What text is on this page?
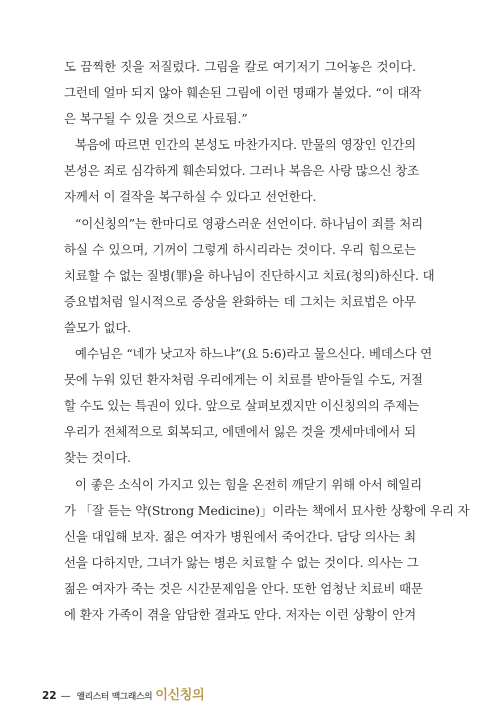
도 끔찍한 짓을 저질렀다. 그림을 칼로 여기저기 그어놓은 것이다.
그런데 얼마 되지 않아 훼손된 그림에 이런 명패가 붙었다. “이 대작
은 복구될 수 있을 것으로 사료됨.”
복음에 따르면 인간의 본성도 마찬가지다. 만물의 영장인 인간의
본성은 죄로 심각하게 훼손되었다. 그러나 복음은 사랑 많으신 창조
자께서 이 걸작을 복구하실 수 있다고 선언한다.
“이신칭의”는 한마디로 영광스러운 선언이다. 하나님이 죄를 처리
하실 수 있으며, 기꺼이 그렇게 하시리라는 것이다. 우리 힘으로는
치료할 수 없는 질병(罪)을 하나님이 진단하시고 치료(청의)하신다. 대
증요법처럼 일시적으로 증상을 완화하는 데 그치는 치료법은 아무
쓸모가 없다.
예수님은 “네가 낫고자 하느냐”(요 5:6)라고 물으신다. 베데스다 연
못에 누워 있던 환자처럼 우리에게는 이 치료를 받아들일 수도, 거절
할 수도 있는 특권이 있다. 앞으로 살펴보겠지만 이신칭의의 주제는
우리가 전체적으로 회복되고, 에덴에서 잃은 것을 겟세마네에서 되
찾는 것이다.
이 좋은 소식이 가지고 있는 힘을 온전히 깨닫기 위해 아서 헤일리
가 「잘 듣는 약(Strong Medicine)」이라는 책에서 묘사한 상황에 우리 자
신을 대입해 보자. 젊은 여자가 병원에서 죽어간다. 담당 의사는 최
선을 다하지만, 그녀가 앓는 병은 치료할 수 없는 것이다. 의사는 그
젊은 여자가 죽는 것은 시간문제임을 안다. 또한 엄청난 치료비 때문
에 환자 가족이 겪을 암담한 결과도 안다. 저자는 이런 상황이 안겨
22 — 앨리스터 맥그래스의 이신칭의
